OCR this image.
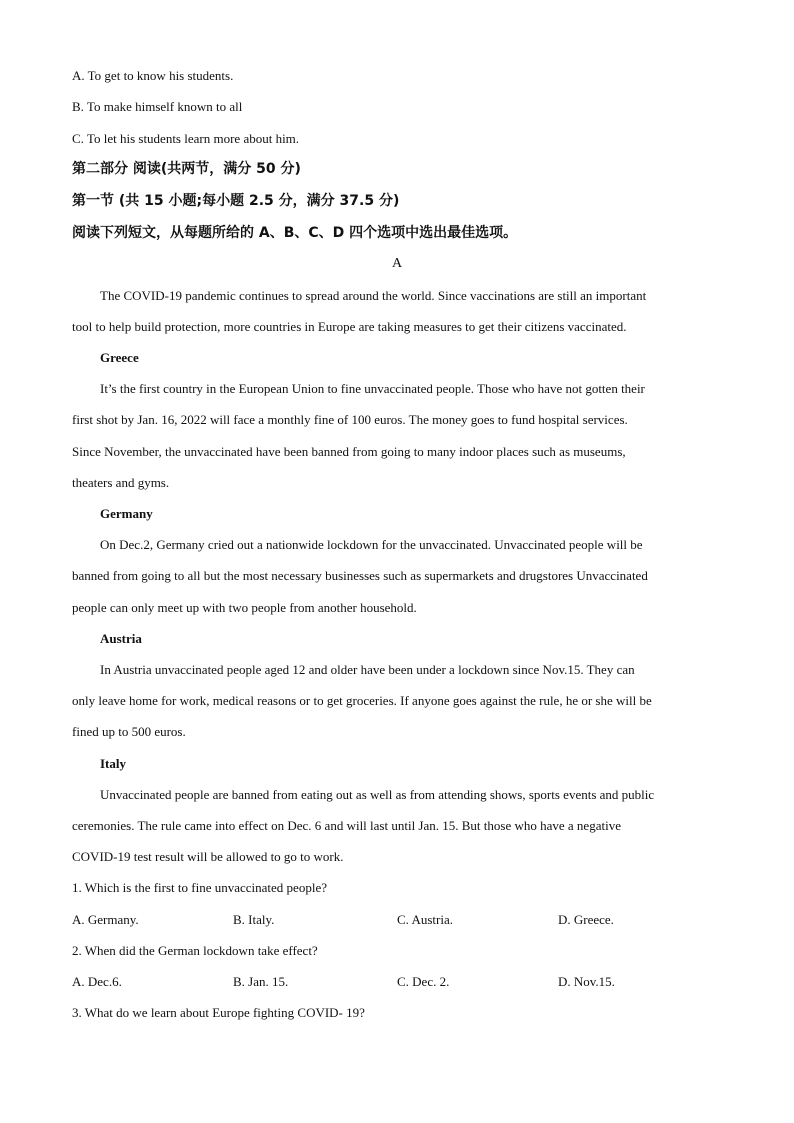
A. To get to know his students.
B. To make himself known to all
C. To let his students learn more about him.
第二部分 阅读(共两节，满分 50 分)
第一节 (共 15 小题;每小题 2.5 分，满分 37.5 分)
阅读下列短文，从每题所给的 A、B、C、D 四个选项中选出最佳选项。
A
The COVID-19 pandemic continues to spread around the world. Since vaccinations are still an important
tool to help build protection, more countries in Europe are taking measures to get their citizens vaccinated.
Greece
It’s the first country in the European Union to fine unvaccinated people. Those who have not gotten their
first shot by Jan. 16, 2022 will face a monthly fine of 100 euros. The money goes to fund hospital services.
Since November, the unvaccinated have been banned from going to many indoor places such as museums,
theaters and gyms.
Germany
On Dec.2, Germany cried out a nationwide lockdown for the unvaccinated. Unvaccinated people will be
banned from going to all but the most necessary businesses such as supermarkets and drugstores Unvaccinated
people can only meet up with two people from another household.
Austria
In Austria unvaccinated people aged 12 and older have been under a lockdown since Nov.15. They can
only leave home for work, medical reasons or to get groceries. If anyone goes against the rule, he or she will be
fined up to 500 euros.
Italy
Unvaccinated people are banned from eating out as well as from attending shows, sports events and public
ceremonies. The rule came into effect on Dec. 6 and will last until Jan. 15. But those who have a negative
COVID-19 test result will be allowed to go to work.
1. Which is the first to fine unvaccinated people?
A. Germany.	B. Italy.	C. Austria.	D. Greece.
2. When did the German lockdown take effect?
A. Dec.6.	B. Jan. 15.	C. Dec. 2.	D. Nov.15.
3. What do we learn about Europe fighting COVID- 19?
